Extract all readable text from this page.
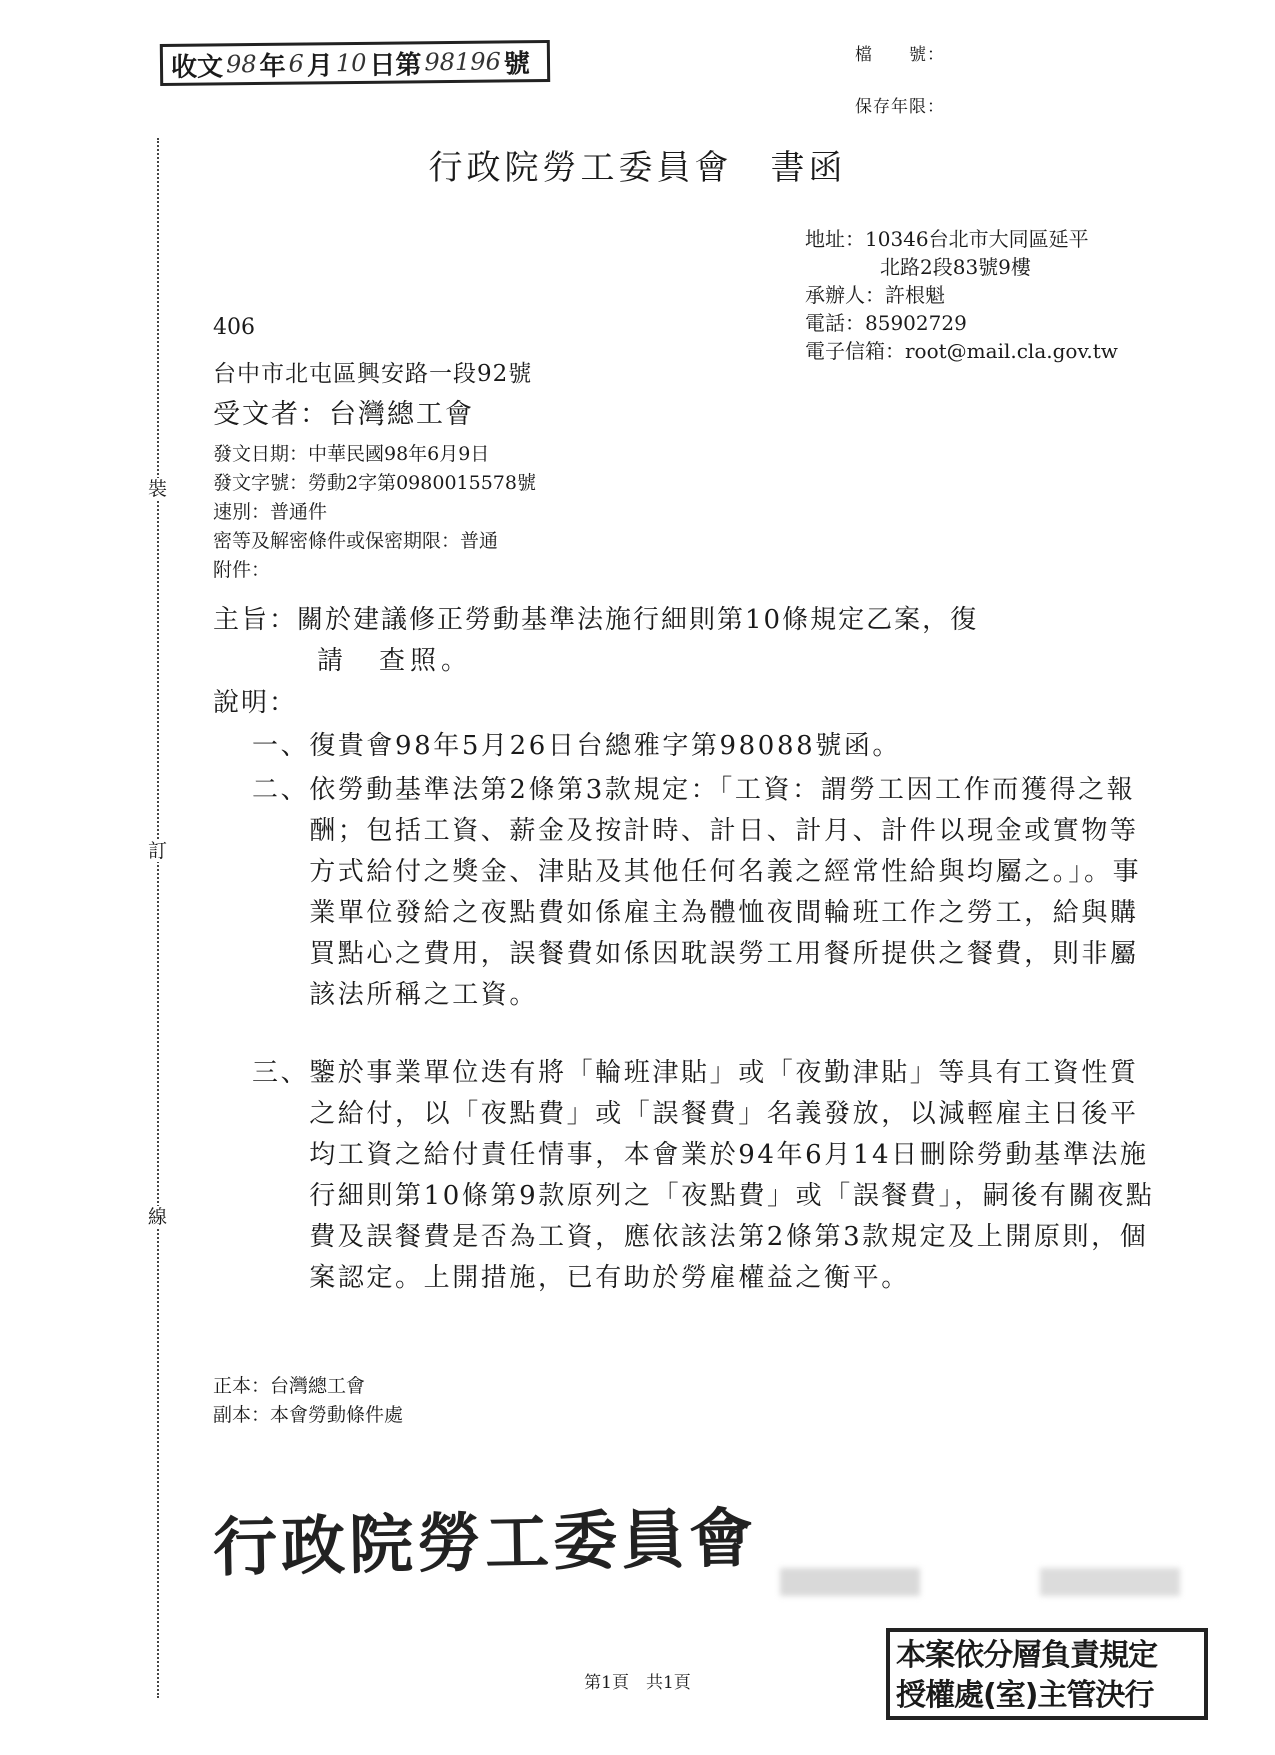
裝
訂
線
收文 98 年 6 月 10 日第 98196 號	檔　　號：
保存年限：
行政院勞工委員會　書函
地址：10346台北市大同區延平
北路2段83號9樓
承辦人：許根魁
電話：85902729
電子信箱：root@mail.cla.gov.tw
406
台中市北屯區興安路一段92號
受文者：台灣總工會
發文日期：中華民國98年6月9日
發文字號：勞動2字第0980015578號
速別：普通件
密等及解密條件或保密期限：普通
附件：
主旨：關於建議修正勞動基準法施行細則第10條規定乙案，復
請　查照。
說明：
一、 復貴會98年5月26日台總雅字第98088號函。
二、 依勞動基準法第2條第3款規定：「工資：謂勞工因工作而獲得之報酬；包括工資、薪金及按計時、計日、計月、計件以現金或實物等方式給付之獎金、津貼及其他任何名義之經常性給與均屬之。」。事業單位發給之夜點費如係雇主為體恤夜間輪班工作之勞工，給與購買點心之費用，誤餐費如係因耽誤勞工用餐所提供之餐費，則非屬該法所稱之工資。
三、 鑒於事業單位迭有將「輪班津貼」或「夜勤津貼」等具有工資性質之給付，以「夜點費」或「誤餐費」名義發放，以減輕雇主日後平均工資之給付責任情事，本會業於94年6月14日刪除勞動基準法施行細則第10條第9款原列之「夜點費」或「誤餐費」，嗣後有關夜點費及誤餐費是否為工資，應依該法第2條第3款規定及上開原則，個案認定。上開措施，已有助於勞雇權益之衡平。
正本：台灣總工會
副本：本會勞動條件處
行政院勞工委員會
第1頁　共1頁
本案依分層負責規定
授權處(室)主管決行
